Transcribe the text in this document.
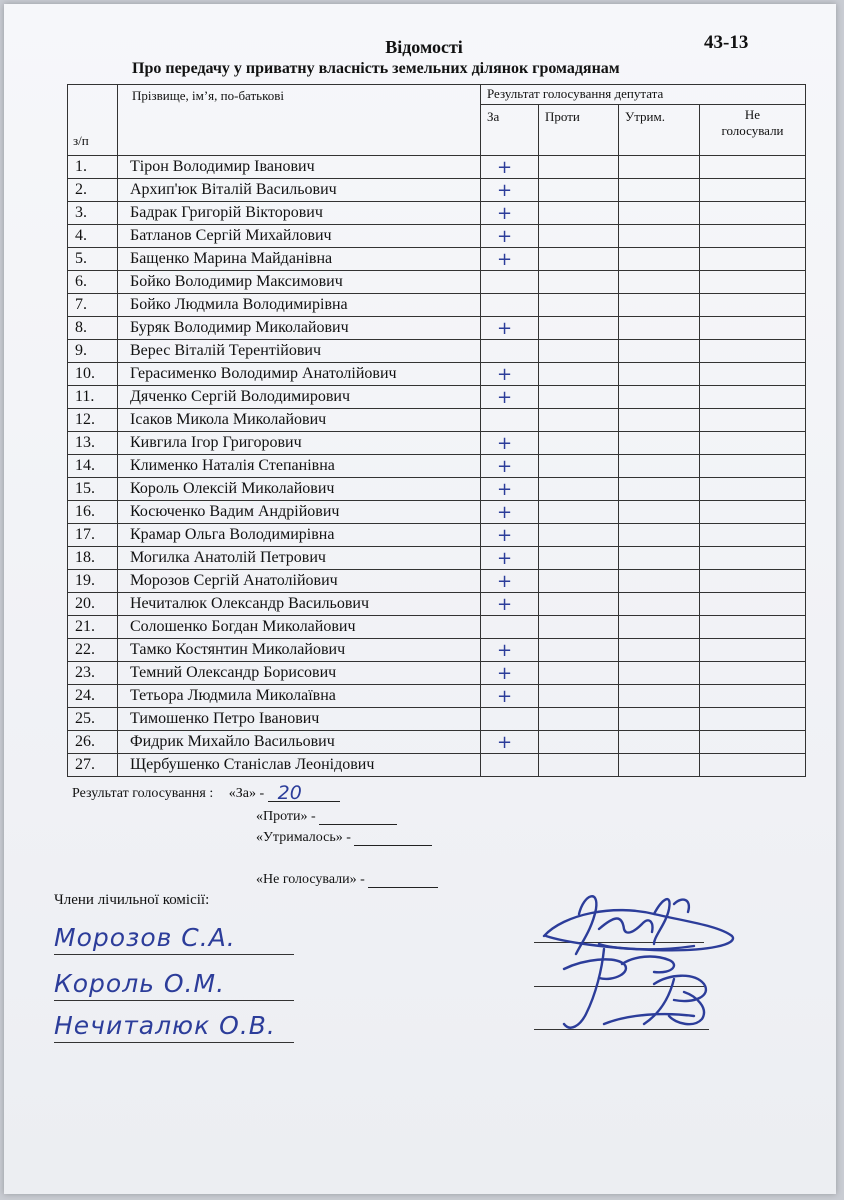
Відомості	43-13
Про передачу у приватну власність земельних ділянок громадянам
з/п	Прізвище, ім’я, по-батькові	Результат голосування депутата			
		За	Проти	Утрим.	Не
голосували
1.	Тірон Володимир Іванович	+			
2.	Архип'юк Віталій Васильович	+			
3.	Бадрак Григорій Вікторович	+			
4.	Батланов Сергій Михайлович	+			
5.	Бащенко Марина Майданівна	+			
6.	Бойко Володимир Максимович				
7.	Бойко Людмила Володимирівна				
8.	Буряк Володимир Миколайович	+			
9.	Верес Віталій Терентійович				
10.	Герасименко Володимир Анатолійович	+			
11.	Дяченко Сергій Володимирович	+			
12.	Ісаков Микола Миколайович				
13.	Кивгила Ігор Григорович	+			
14.	Клименко Наталія Степанівна	+			
15.	Король Олексій Миколайович	+			
16.	Косюченко Вадим Андрійович	+			
17.	Крамар Ольга Володимирівна	+			
18.	Могилка Анатолій Петрович	+			
19.	Морозов Сергій Анатолійович	+			
20.	Нечиталюк Олександр Васильович	+			
21.	Солошенко Богдан Миколайович				
22.	Тамко Костянтин Миколайович	+			
23.	Темний Олександр Борисович	+			
24.	Тетьора Людмила Миколаївна	+			
25.	Тимошенко Петро Іванович				
26.	Фидрик Михайло Васильович	+			
27.	Щербушенко Станіслав Леонідович				
Результат голосування : «За» - 20
«Проти» -
«Утрималось» -
«Не голосували» -
Члени лічильної комісії:
Морозов С.А.
Король О.М.
Нечиталюк О.В.
